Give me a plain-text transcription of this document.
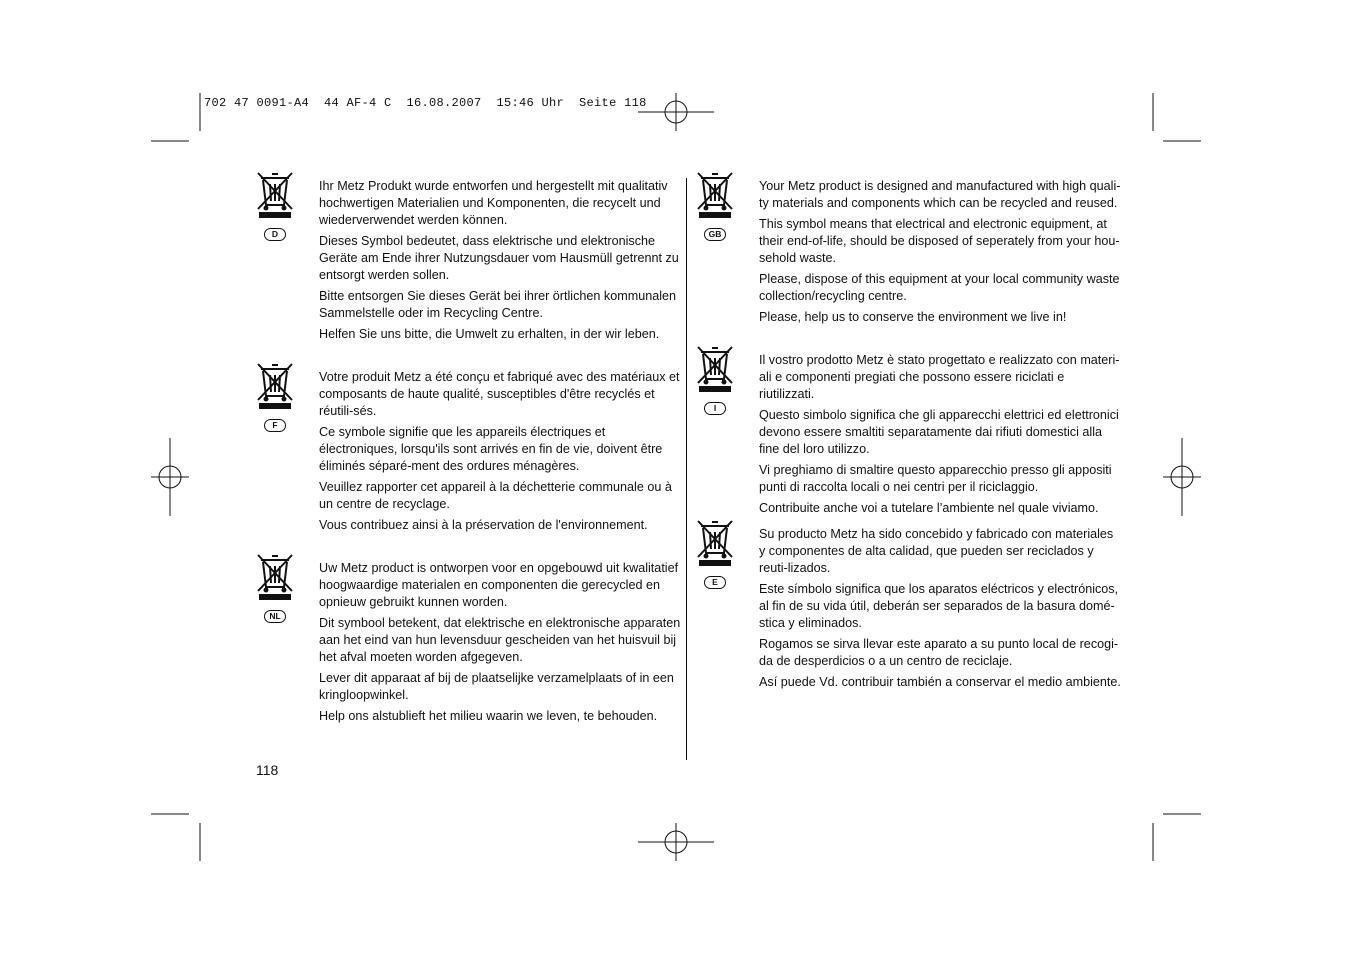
702 47 0091-A4  44 AF-4 C  16.08.2007  15:46 Uhr  Seite 118
D

Ihr Metz Produkt wurde entworfen und hergestellt mit qualitativ hochwertigen Materialien und Komponenten, die recycelt und wiederverwendet werden können.

Dieses Symbol bedeutet, dass elektrische und elektronische Geräte am Ende ihrer Nutzungsdauer vom Hausmüll getrennt zu entsorgt werden sollen.

Bitte entsorgen Sie dieses Gerät bei ihrer örtlichen kommunalen Sammelstelle oder im Recycling Centre.

Helfen Sie uns bitte, die Umwelt zu erhalten, in der wir leben.

F

Votre produit Metz a été conçu et fabriqué avec des matériaux et composants de haute qualité, susceptibles d'être recyclés et réutili-sés.

Ce symbole signifie que les appareils électriques et électroniques, lorsqu'ils sont arrivés en fin de vie, doivent être éliminés séparé-ment des ordures ménagères.

Veuillez rapporter cet appareil à la déchetterie communale ou à un centre de recyclage.

Vous contribuez ainsi à la préservation de l'environnement.

NL

Uw Metz product is ontworpen voor en opgebouwd uit kwalitatief hoogwaardige materialen en componenten die gerecycled en opnieuw gebruikt kunnen worden.

Dit symbool betekent, dat elektrische en elektronische apparaten aan het eind van hun levensduur gescheiden van het huisvuil bij het afval moeten worden afgegeven.

Lever dit apparaat af bij de plaatselijke verzamelplaats of in een kringloopwinkel.

Help ons alstublieft het milieu waarin we leven, te behouden.

GB

Your Metz product is designed and manufactured with high quali-ty materials and components which can be recycled and reused.

This symbol means that electrical and electronic equipment, at their end-of-life, should be disposed of seperately from your hou-sehold waste.

Please, dispose of this equipment at your local community waste collection/recycling centre.

Please, help us to conserve the environment we live in!

I

Il vostro prodotto Metz è stato progettato e realizzato con materi-ali e componenti pregiati che possono essere riciclati e riutilizzati.

Questo simbolo significa che gli apparecchi elettrici ed elettronici devono essere smaltiti separatamente dai rifiuti domestici alla fine del loro utilizzo.

Vi preghiamo di smaltire questo apparecchio presso gli appositi punti di raccolta locali o nei centri per il riciclaggio.

Contribuite anche voi a tutelare l’ambiente nel quale viviamo.

E

Su producto Metz ha sido concebido y fabricado con materiales y componentes de alta calidad, que pueden ser reciclados y reuti-lizados.

Este símbolo significa que los aparatos eléctricos y electrónicos, al fin de su vida útil, deberán ser separados de la basura domé-stica y eliminados.

Rogamos se sirva llevar este aparato a su punto local de recogi-da de desperdicios o a un centro de reciclaje.

Así puede Vd. contribuir también a conservar el medio ambiente.

118
